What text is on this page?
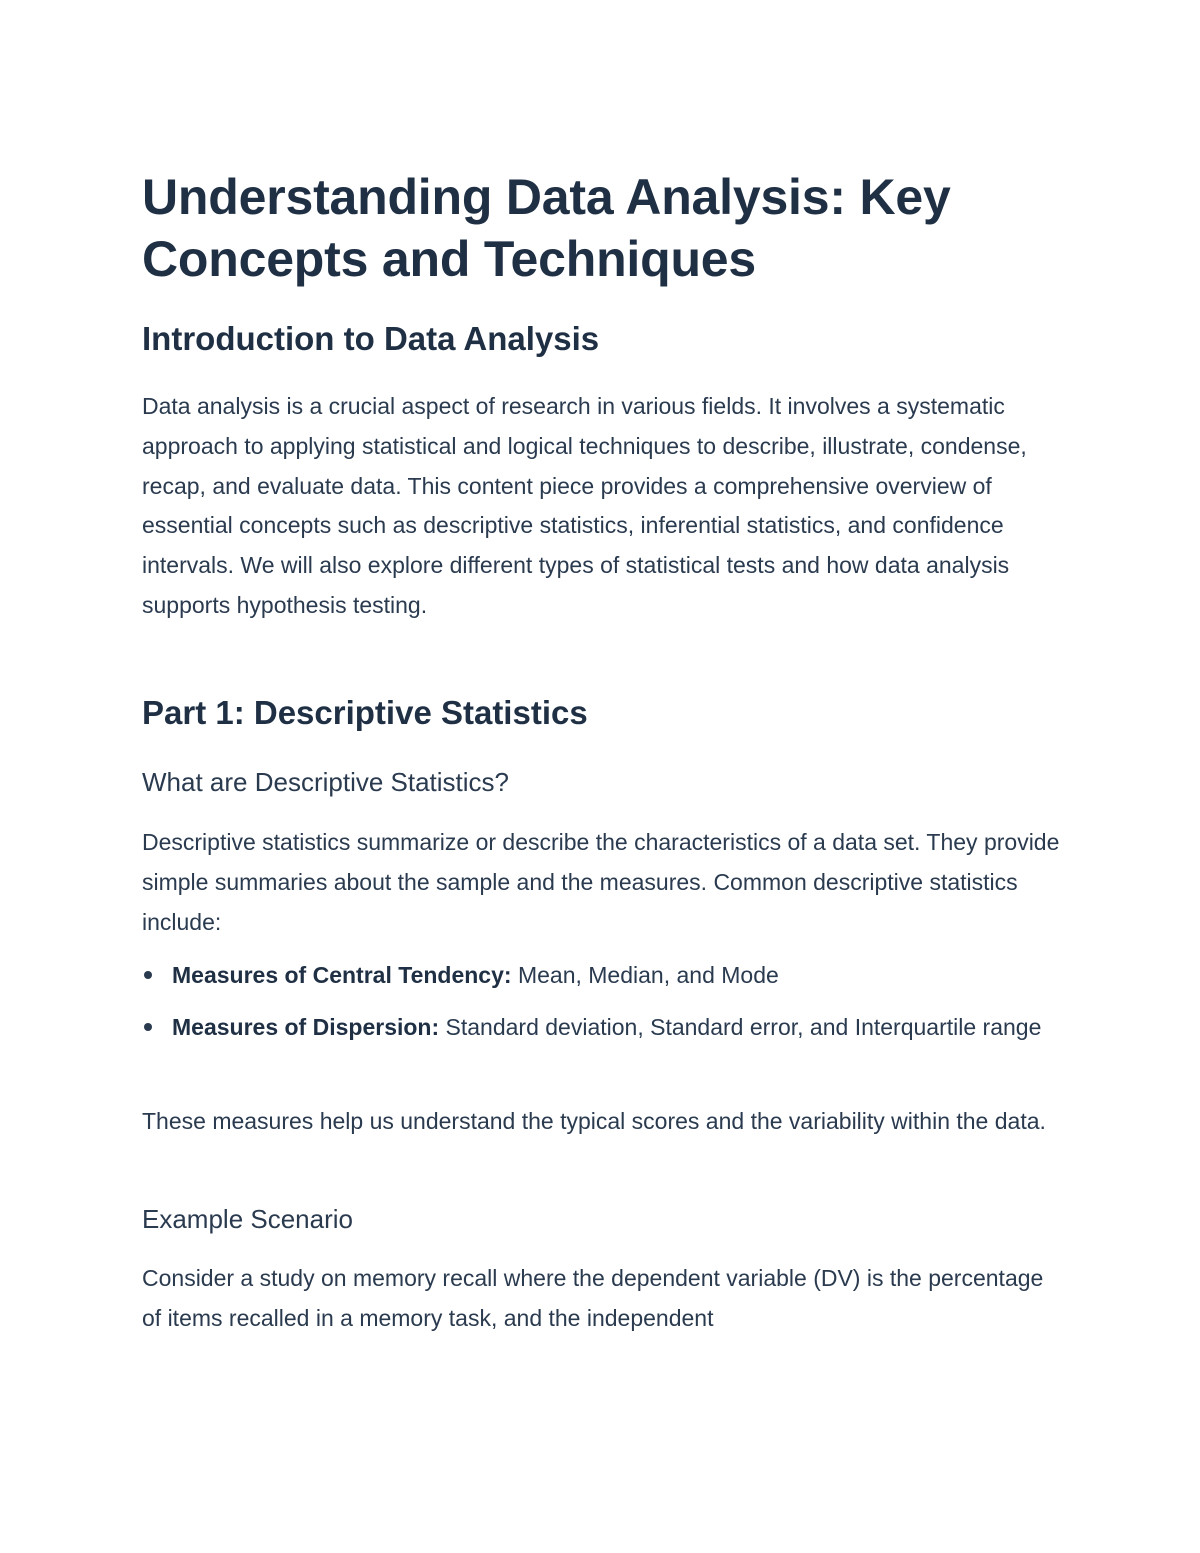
Understanding Data Analysis: Key Concepts and Techniques
Introduction to Data Analysis

Data analysis is a crucial aspect of research in various fields. It involves a systematic approach to applying statistical and logical techniques to describe, illustrate, condense, recap, and evaluate data. This content piece provides a comprehensive overview of essential concepts such as descriptive statistics, inferential statistics, and confidence intervals. We will also explore different types of statistical tests and how data analysis supports hypothesis testing.

Part 1: Descriptive Statistics
What are Descriptive Statistics?

Descriptive statistics summarize or describe the characteristics of a data set. They provide simple summaries about the sample and the measures. Common descriptive statistics include:

Measures of Central Tendency: Mean, Median, and Mode
Measures of Dispersion: Standard deviation, Standard error, and Interquartile range

These measures help us understand the typical scores and the variability within the data.

Example Scenario

Consider a study on memory recall where the dependent variable (DV) is the percentage of items recalled in a memory task, and the independent
